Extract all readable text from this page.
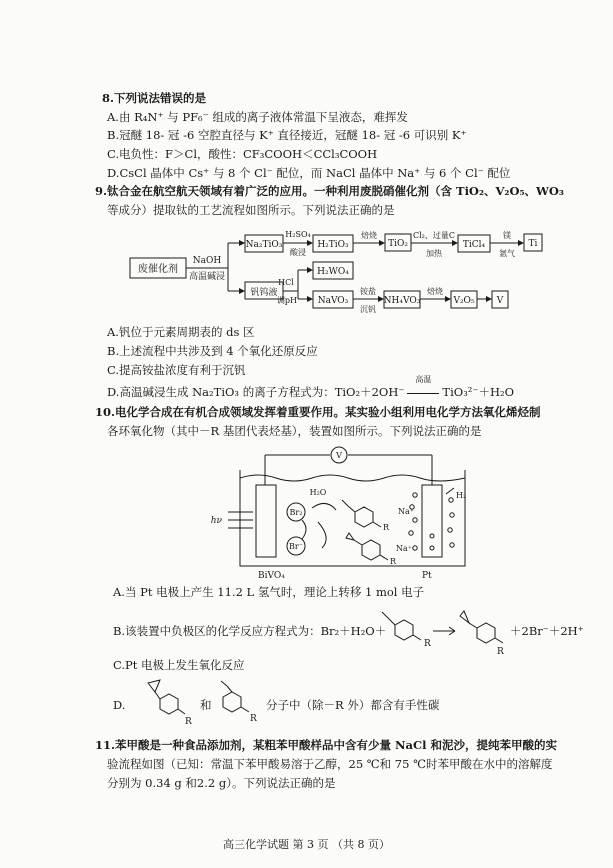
8.下列说法错误的是
A.由 R₄N⁺ 与 PF₆⁻ 组成的离子液体常温下呈液态，难挥发
B.冠醚 18- 冠 -6 空腔直径与 K⁺ 直径接近，冠醚 18- 冠 -6 可识别 K⁺
C.电负性：F＞Cl，酸性：CF₃COOH＜CCl₃COOH
D.CsCl 晶体中 Cs⁺ 与 8 个 Cl⁻ 配位，而 NaCl 晶体中 Na⁺ 与 6 个 Cl⁻ 配位
9.钛合金在航空航天领域有着广泛的应用。一种利用废脱硝催化剂（含 TiO₂、V₂O₅、WO₃
等成分）提取钛的工艺流程如图所示。下列说法正确的是
废催化剂
NaOH
高温碱浸
Na₂TiO₃
H₂SO₄
酸浸
H₂TiO₃
焙烧
TiO₂
Cl₂、过量C
加热
TiCl₄
镁
氩气
Ti
钒钨液
HCl
调pH
H₂WO₄
NaVO₃
铵盐
沉钒
NH₄VO₃
焙烧
V₂O₅ V
A.钒位于元素周期表的 ds 区
B.上述流程中共涉及到 4 个氧化还原反应
C.提高铵盐浓度有利于沉钒
D.高温碱浸生成 Na₂TiO₃ 的离子方程式为：TiO₂＋2OH⁻
高温
TiO₃²⁻＋H₂O
10.电化学合成在有机合成领域发挥着重要作用。某实验小组利用电化学方法氧化烯烃制
各环氧化物（其中－R 基团代表烃基），装置如图所示。下列说法正确的是
V
hν
BiVO₄	Pt
Br₂
Br⁻
H₂O	H₂
Na⁺
Na⁺
R
R
A.当 Pt 电极上产生 11.2 L 氢气时，理论上转移 1 mol 电子
B.该装置中负极区的化学反应方程式为：Br₂＋H₂O＋
R
R
＋2Br⁻＋2H⁺
C.Pt 电极上发生氧化反应
D.
R	R
和	分子中（除－R 外）都含有手性碳
11.苯甲酸是一种食品添加剂，某粗苯甲酸样品中含有少量 NaCl 和泥沙，提纯苯甲酸的实
验流程如图（已知：常温下苯甲酸易溶于乙醇，25 ℃和 75 ℃时苯甲酸在水中的溶解度
分别为 0.34 g 和2.2 g）。下列说法正确的是
高三化学试题 第 3 页 （共 8 页）
